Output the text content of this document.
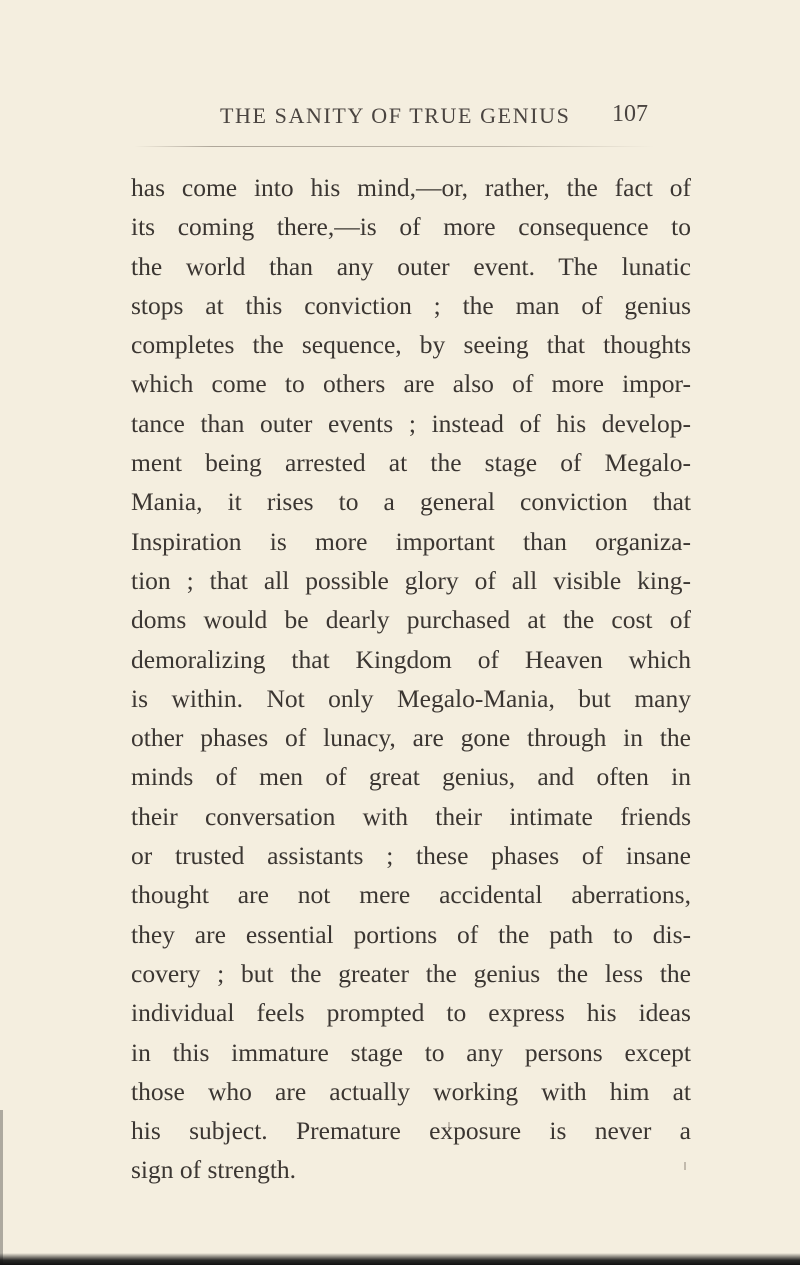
THE SANITY OF TRUE GENIUS 107
has come into his mind,—or, rather, the fact of
its coming there,—is of more consequence to
the world than any outer event. The lunatic
stops at this conviction ; the man of genius
completes the sequence, by seeing that thoughts
which come to others are also of more impor-
tance than outer events ; instead of his develop-
ment being arrested at the stage of Megalo-
Mania, it rises to a general conviction that
Inspiration is more important than organiza-
tion ; that all possible glory of all visible king-
doms would be dearly purchased at the cost of
demoralizing that Kingdom of Heaven which
is within. Not only Megalo-Mania, but many
other phases of lunacy, are gone through in the
minds of men of great genius, and often in
their conversation with their intimate friends
or trusted assistants ; these phases of insane
thought are not mere accidental aberrations,
they are essential portions of the path to dis-
covery ; but the greater the genius the less the
individual feels prompted to express his ideas
in this immature stage to any persons except
those who are actually working with him at
his subject. Premature exposure is never a
sign of strength.
